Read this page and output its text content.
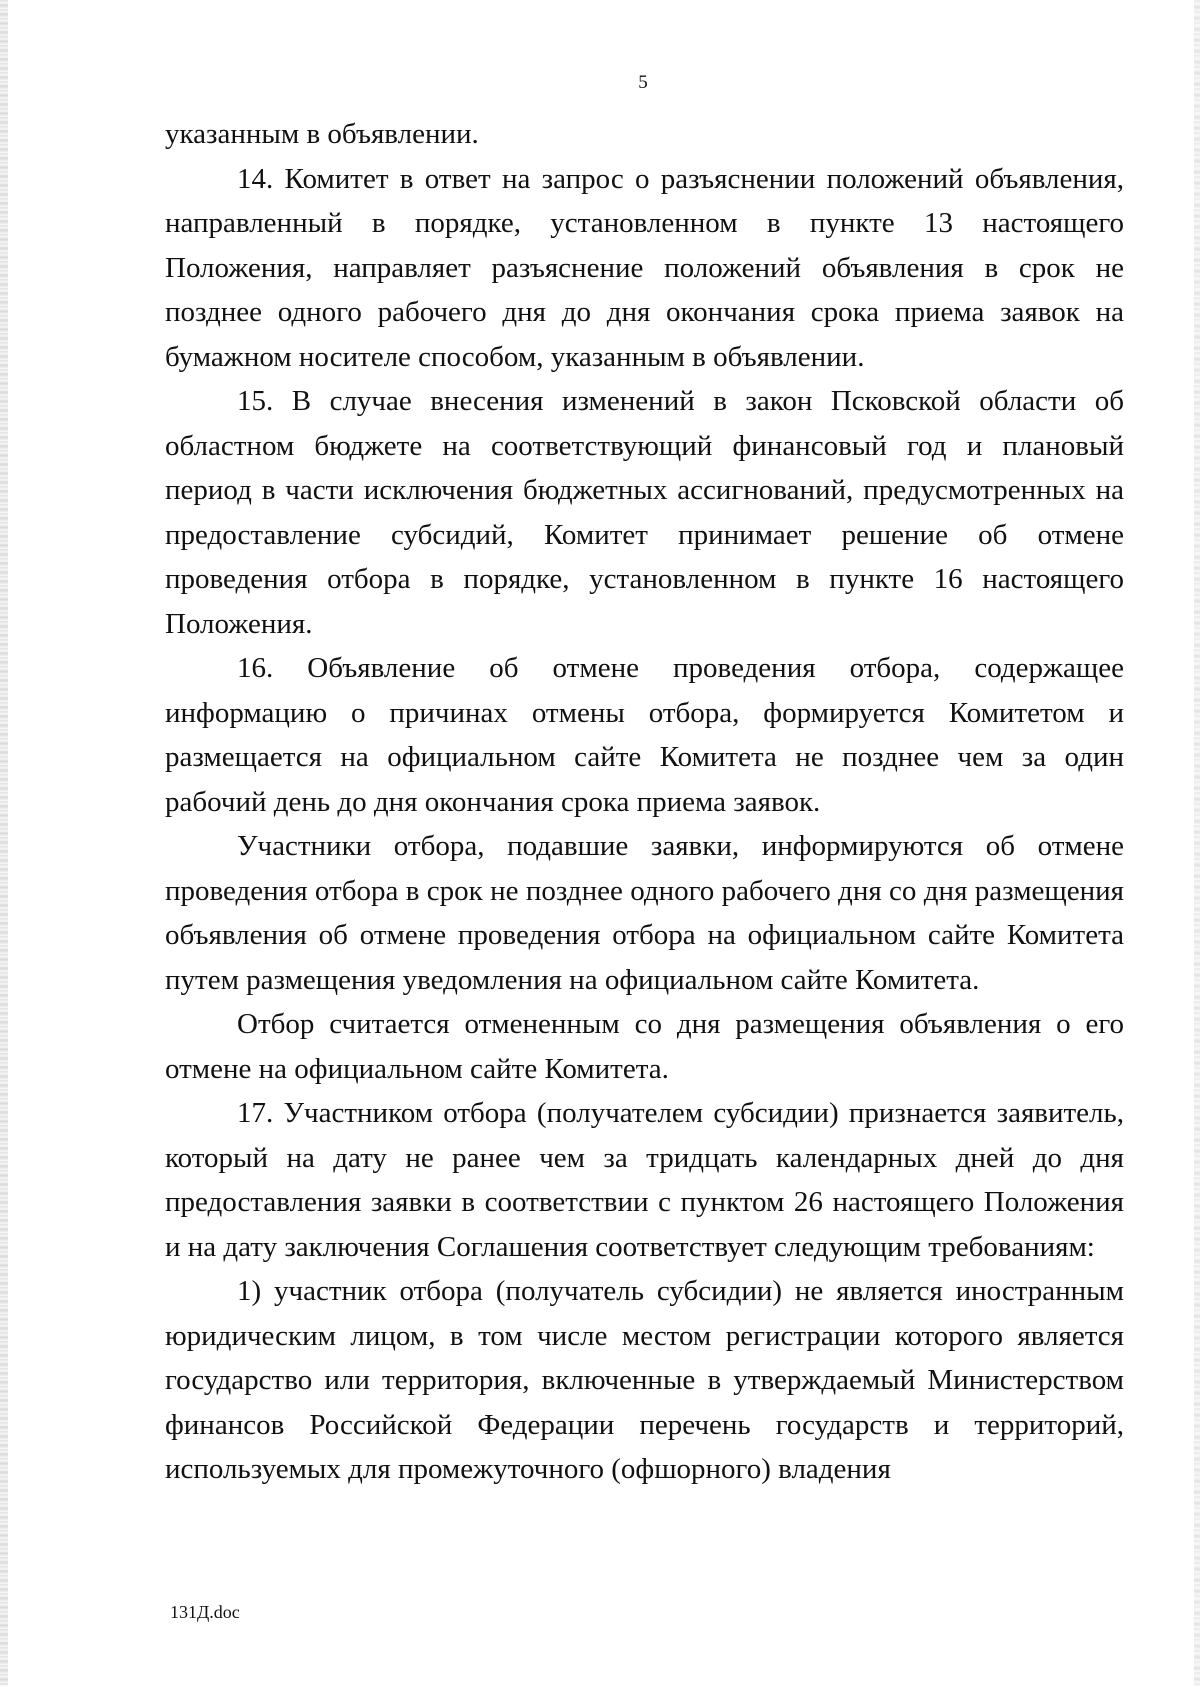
5

указанным в объявлении.

14. Комитет в ответ на запрос о разъяснении положений объявления, направленный в порядке, установленном в пункте 13 настоящего Положения, направляет разъяснение положений объявления в срок не позднее одного рабочего дня до дня окончания срока приема заявок на бумажном носителе способом, указанным в объявлении.

15. В случае внесения изменений в закон Псковской области об областном бюджете на соответствующий финансовый год и плановый период в части исключения бюджетных ассигнований, предусмотренных на предоставление субсидий, Комитет принимает решение об отмене проведения отбора в порядке, установленном в пункте 16 настоящего Положения.

16. Объявление об отмене проведения отбора, содержащее информацию о причинах отмены отбора, формируется Комитетом и размещается на официальном сайте Комитета не позднее чем за один рабочий день до дня окончания срока приема заявок.

Участники отбора, подавшие заявки, информируются об отмене проведения отбора в срок не позднее одного рабочего дня со дня размещения объявления об отмене проведения отбора на официальном сайте Комитета путем размещения уведомления на официальном сайте Комитета.

Отбор считается отмененным со дня размещения объявления о его отмене на официальном сайте Комитета.

17. Участником отбора (получателем субсидии) признается заявитель, который на дату не ранее чем за тридцать календарных дней до дня предоставления заявки в соответствии с пунктом 26 настоящего Положения и на дату заключения Соглашения соответствует следующим требованиям:

1) участник отбора (получатель субсидии) не является иностранным юридическим лицом, в том числе местом регистрации которого является государство или территория, включенные в утверждаемый Министерством финансов Российской Федерации перечень государств и территорий, используемых для промежуточного (офшорного) владения

131Д.doc
